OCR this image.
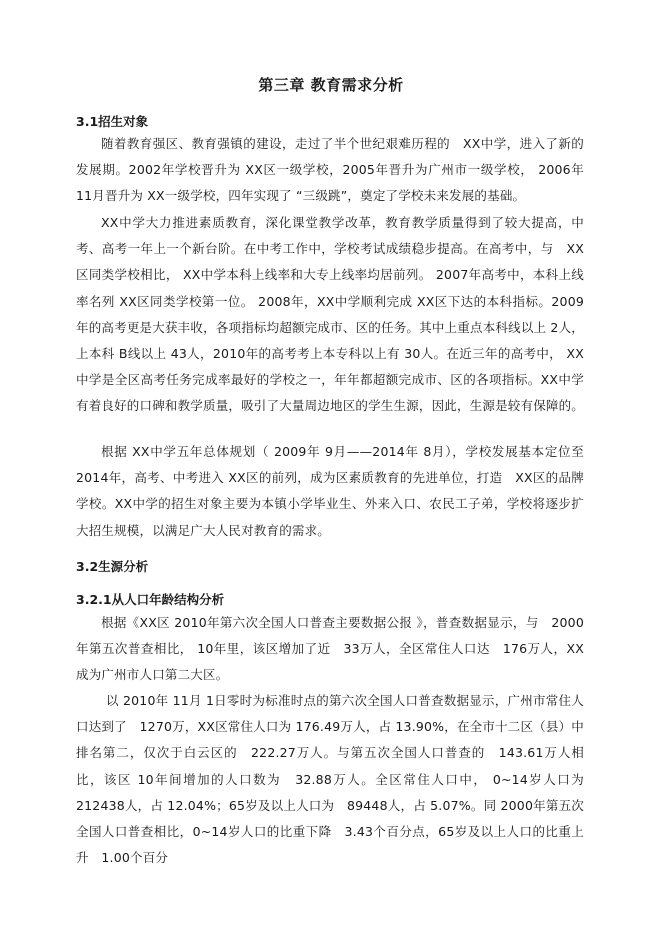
第三章 教育需求分析
3.1招生对象

随着教育强区、教育强镇的建设，走过了半个世纪艰难历程的　XX中学，进入了新的发展期。2002年学校晋升为 XX区一级学校，2005年晋升为广州市一级学校， 2006年 11月晋升为 XX一级学校，四年实现了 “三级跳”，奠定了学校未来发展的基础。

XX中学大力推进素质教育，深化课堂教学改革，教育教学质量得到了较大提高，中考、高考一年上一个新台阶。在中考工作中，学校考试成绩稳步提高。在高考中，与　XX区同类学校相比， XX中学本科上线率和大专上线率均居前列。 2007年高考中，本科上线率名列 XX区同类学校第一位。 2008年，XX中学顺利完成 XX区下达的本科指标。2009年的高考更是大获丰收，各项指标均超额完成市、区的任务。其中上重点本科线以上 2人，上本科 B线以上 43人，2010年的高考考上本专科以上有 30人。在近三年的高考中， XX中学是全区高考任务完成率最好的学校之一，年年都超额完成市、区的各项指标。XX中学有着良好的口碑和教学质量，吸引了大量周边地区的学生生源，因此，生源是较有保障的。

根据 XX中学五年总体规划（ 2009年 9月——2014年 8月），学校发展基本定位至2014年，高考、中考进入 XX区的前列，成为区素质教育的先进单位，打造　XX区的品牌学校。XX中学的招生对象主要为本镇小学毕业生、外来入口、农民工子弟，学校将逐步扩大招生规模，以满足广大人民对教育的需求。

3.2生源分析
3.2.1从人口年龄结构分析

根据《XX区 2010年第六次全国人口普查主要数据公报 》，普查数据显示，与　2000年第五次普查相比， 10年里，该区增加了近　33万人，全区常住人口达　176万人，XX成为广州市人口第二大区。

以 2010年 11月 1日零时为标准时点的第六次全国人口普查数据显示，广州市常住人口达到了　1270万，XX区常住人口为 176.49万人，占 13.90%，在全市十二区（县）中排名第二，仅次于白云区的　222.27万人。与第五次全国人口普查的　143.61万人相比，该区 10年间增加的人口数为　32.88万人。全区常住人口中， 0~14岁人口为　212438人，占 12.04%；65岁及以上人口为　89448人，占 5.07%。同 2000年第五次全国人口普查相比，0~14岁人口的比重下降　3.43个百分点，65岁及以上人口的比重上升　1.00个百分
